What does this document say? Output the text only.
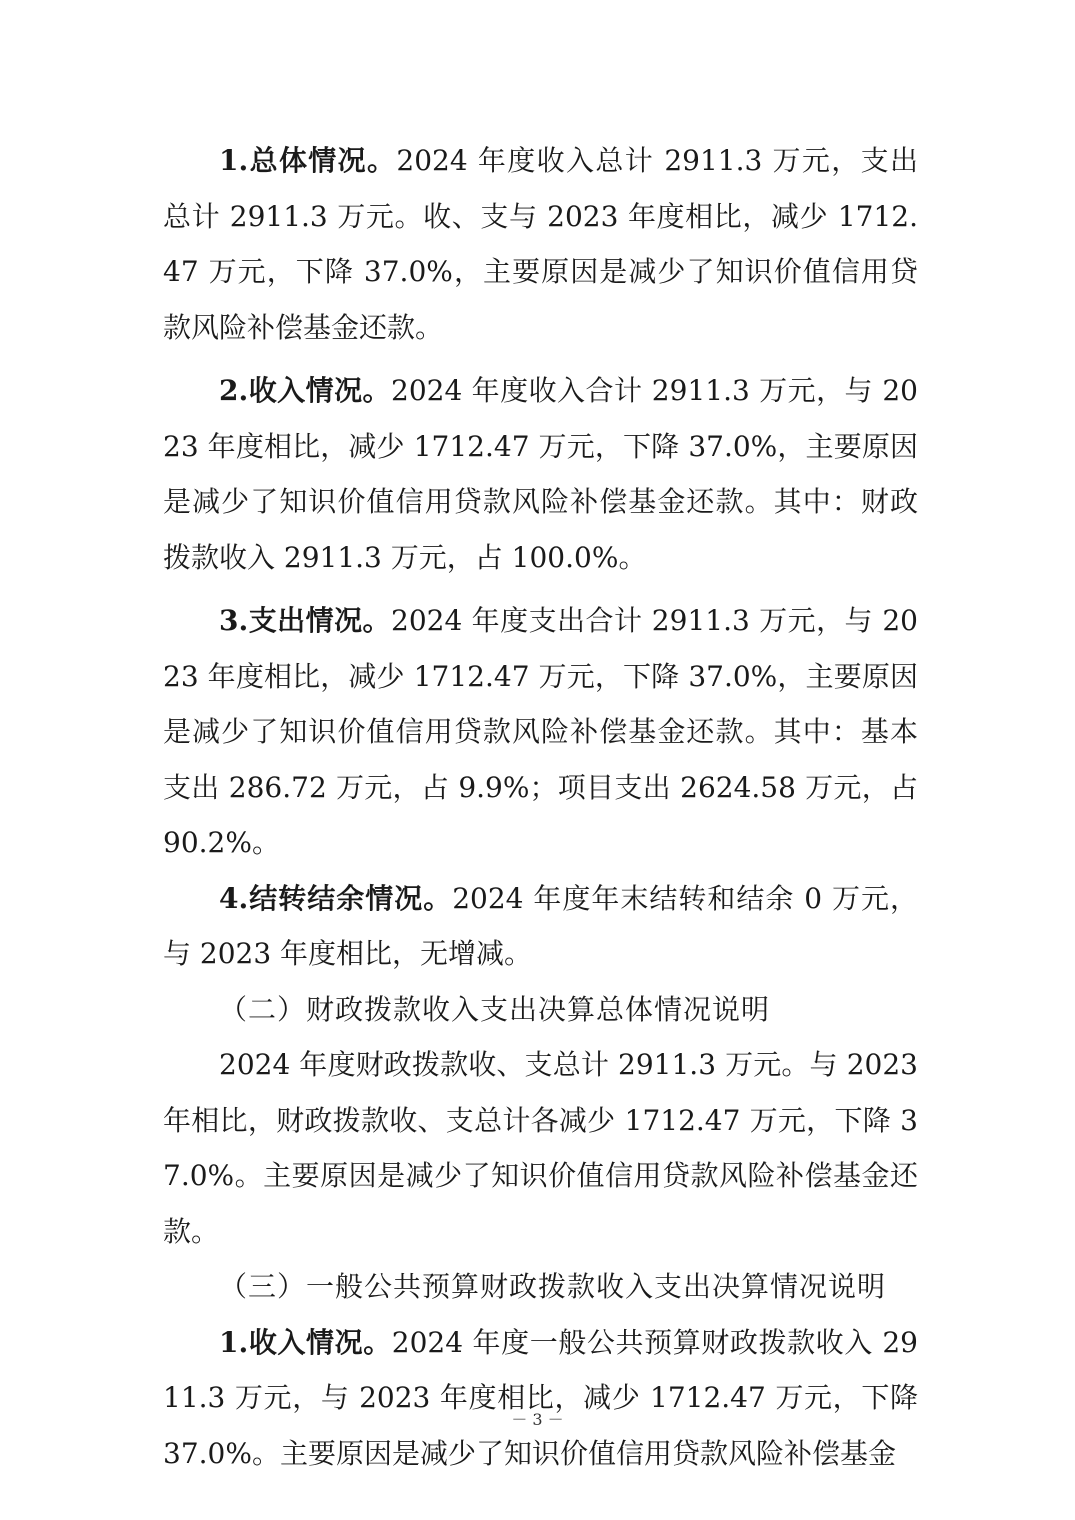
1.总体情况。2024 年度收入总计 2911.3 万元，支出总计 2911.3 万元。收、支与 2023 年度相比，减少 1712.47 万元，下降 37.0%，主要原因是减少了知识价值信用贷款风险补偿基金还款。

2.收入情况。2024 年度收入合计 2911.3 万元，与 2023 年度相比，减少 1712.47 万元，下降 37.0%，主要原因是减少了知识价值信用贷款风险补偿基金还款。其中：财政拨款收入 2911.3 万元，占 100.0%。

3.支出情况。2024 年度支出合计 2911.3 万元，与 2023 年度相比，减少 1712.47 万元，下降 37.0%，主要原因是减少了知识价值信用贷款风险补偿基金还款。其中：基本支出 286.72 万元，占 9.9%；项目支出 2624.58 万元，占 90.2%。

4.结转结余情况。2024 年度年末结转和结余 0 万元，与 2023 年度相比，无增减。

（二）财政拨款收入支出决算总体情况说明

2024 年度财政拨款收、支总计 2911.3 万元。与 2023 年相比，财政拨款收、支总计各减少 1712.47 万元，下降 37.0%。主要原因是减少了知识价值信用贷款风险补偿基金还款。

（三）一般公共预算财政拨款收入支出决算情况说明

1.收入情况。2024 年度一般公共预算财政拨款收入 2911.3 万元，与 2023 年度相比，减少 1712.47 万元，下降 37.0%。主要原因是减少了知识价值信用贷款风险补偿基金

－ 3 －
